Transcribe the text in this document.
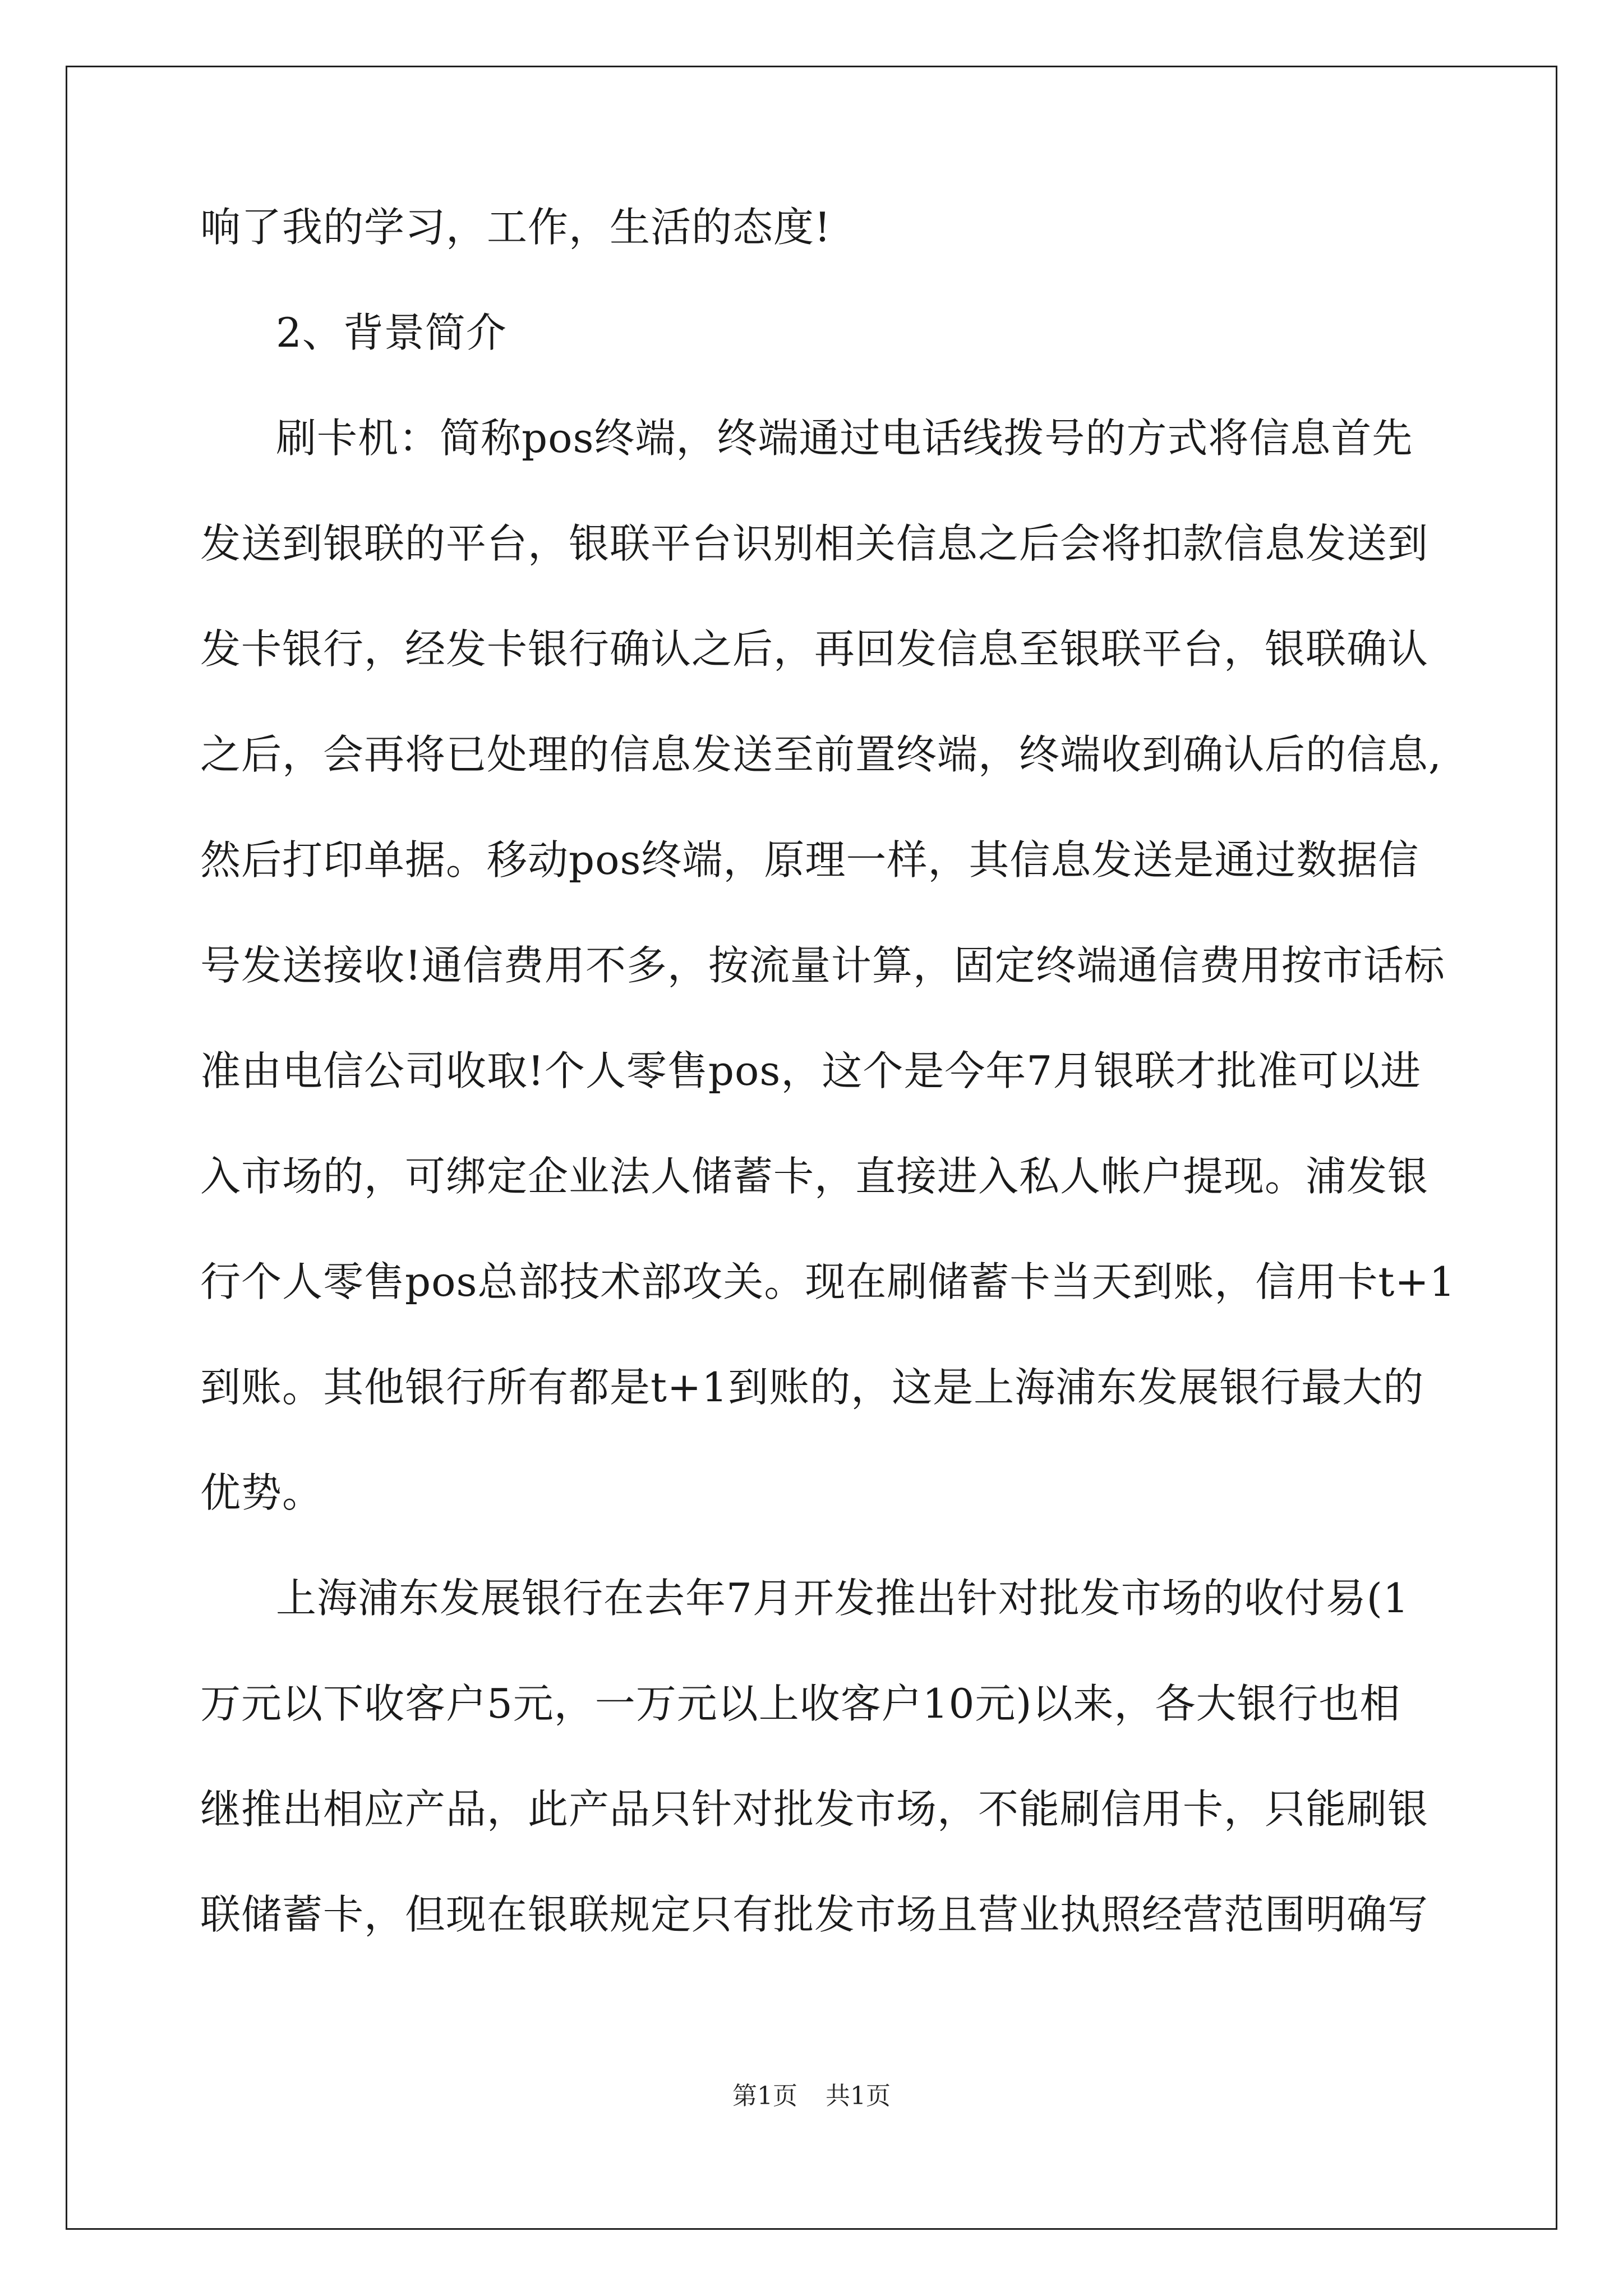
响了我的学习，工作，生活的态度!
2、背景简介
刷卡机：简称pos终端，终端通过电话线拨号的方式将信息首先
发送到银联的平台，银联平台识别相关信息之后会将扣款信息发送到
发卡银行，经发卡银行确认之后，再回发信息至银联平台，银联确认
之后，会再将已处理的信息发送至前置终端，终端收到确认后的信息,
然后打印单据。移动pos终端，原理一样，其信息发送是通过数据信
号发送接收!通信费用不多，按流量计算，固定终端通信费用按市话标
准由电信公司收取!个人零售pos，这个是今年7月银联才批准可以进
入市场的，可绑定企业法人储蓄卡，直接进入私人帐户提现。浦发银
行个人零售pos总部技术部攻关。现在刷储蓄卡当天到账，信用卡t+1
到账。其他银行所有都是t+1到账的，这是上海浦东发展银行最大的
优势。
上海浦东发展银行在去年7月开发推出针对批发市场的收付易(1
万元以下收客户5元，一万元以上收客户10元)以来，各大银行也相
继推出相应产品，此产品只针对批发市场，不能刷信用卡，只能刷银
联储蓄卡，但现在银联规定只有批发市场且营业执照经营范围明确写
第1页 共1页
